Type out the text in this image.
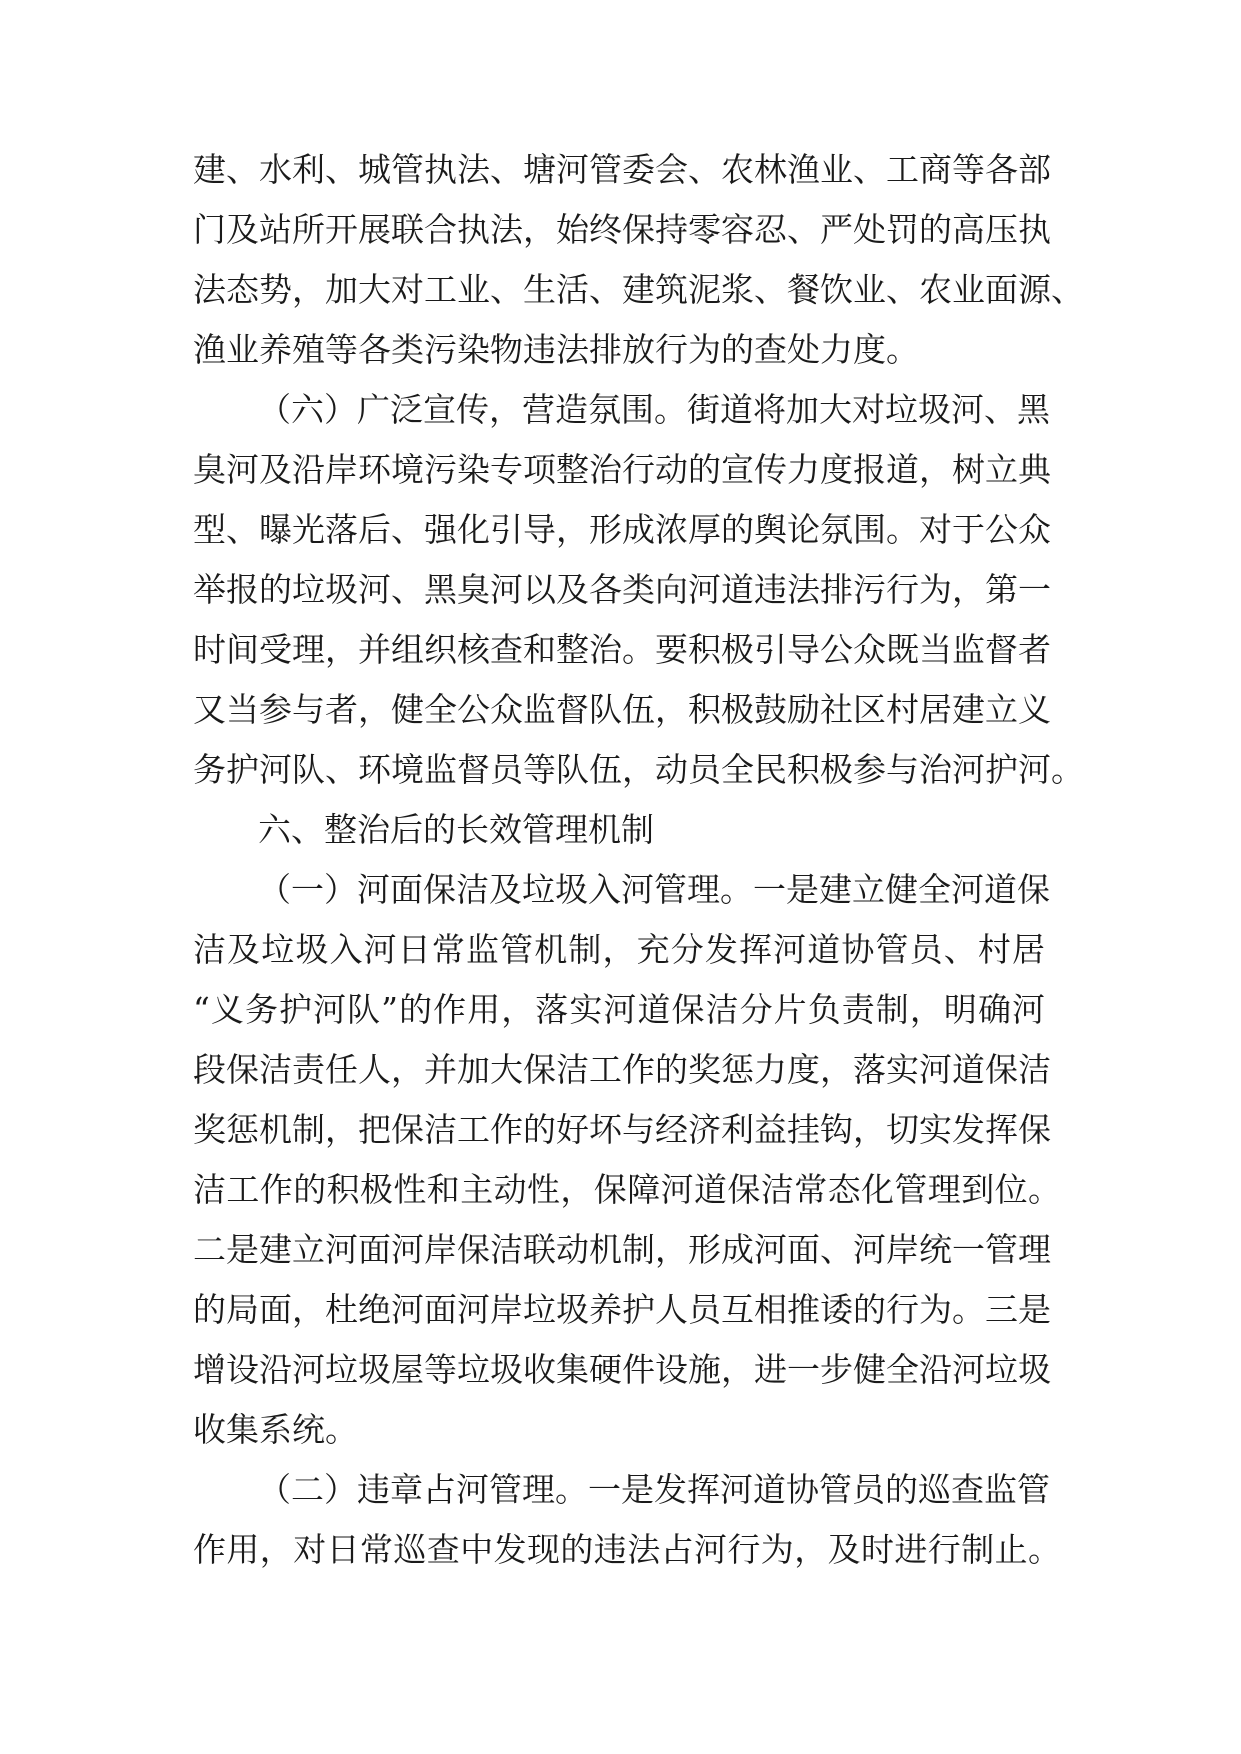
建、水利、城管执法、塘河管委会、农林渔业、工商等各部

门及站所开展联合执法，始终保持零容忍、严处罚的高压执

法态势，加大对工业、生活、建筑泥浆、餐饮业、农业面源、

渔业养殖等各类污染物违法排放行为的查处力度。

（六）广泛宣传，营造氛围。街道将加大对垃圾河、黑

臭河及沿岸环境污染专项整治行动的宣传力度报道，树立典

型、曝光落后、强化引导，形成浓厚的舆论氛围。对于公众

举报的垃圾河、黑臭河以及各类向河道违法排污行为，第一

时间受理，并组织核查和整治。要积极引导公众既当监督者

又当参与者，健全公众监督队伍，积极鼓励社区村居建立义

务护河队、环境监督员等队伍，动员全民积极参与治河护河。

六、整治后的长效管理机制

（一）河面保洁及垃圾入河管理。一是建立健全河道保

洁及垃圾入河日常监管机制，充分发挥河道协管员、村居

“义务护河队”的作用，落实河道保洁分片负责制，明确河

段保洁责任人，并加大保洁工作的奖惩力度，落实河道保洁

奖惩机制，把保洁工作的好坏与经济利益挂钩，切实发挥保

洁工作的积极性和主动性，保障河道保洁常态化管理到位。

二是建立河面河岸保洁联动机制，形成河面、河岸统一管理

的局面，杜绝河面河岸垃圾养护人员互相推诿的行为。三是

增设沿河垃圾屋等垃圾收集硬件设施，进一步健全沿河垃圾

收集系统。

（二）违章占河管理。一是发挥河道协管员的巡查监管

作用，对日常巡查中发现的违法占河行为，及时进行制止。
